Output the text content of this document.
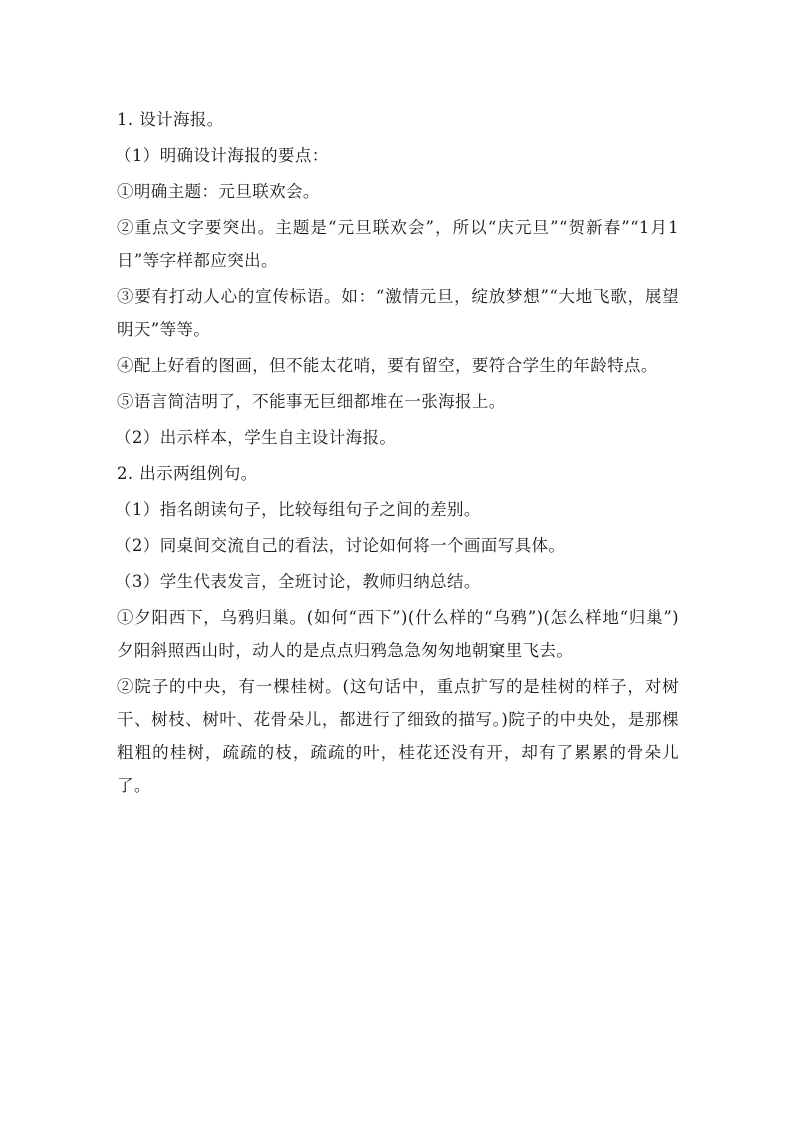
1. 设计海报。

（1）明确设计海报的要点：

①明确主题：元旦联欢会。

②重点文字要突出。主题是“元旦联欢会”，所以“庆元旦”“贺新春”“1月1日”等字样都应突出。

③要有打动人心的宣传标语。如：“激情元旦，绽放梦想”“大地飞歌，展望明天”等等。

④配上好看的图画，但不能太花哨，要有留空，要符合学生的年龄特点。

⑤语言简洁明了，不能事无巨细都堆在一张海报上。

（2）出示样本，学生自主设计海报。

2. 出示两组例句。

（1）指名朗读句子，比较每组句子之间的差别。

（2）同桌间交流自己的看法，讨论如何将一个画面写具体。

（3）学生代表发言，全班讨论，教师归纳总结。

①夕阳西下，乌鸦归巢。(如何“西下”)(什么样的“乌鸦”)(怎么样地“归巢”)夕阳斜照西山时，动人的是点点归鸦急急匆匆地朝窠里飞去。

②院子的中央，有一棵桂树。(这句话中，重点扩写的是桂树的样子，对树干、树枝、树叶、花骨朵儿，都进行了细致的描写。)院子的中央处，是那棵粗粗的桂树，疏疏的枝，疏疏的叶，桂花还没有开，却有了累累的骨朵儿了。
